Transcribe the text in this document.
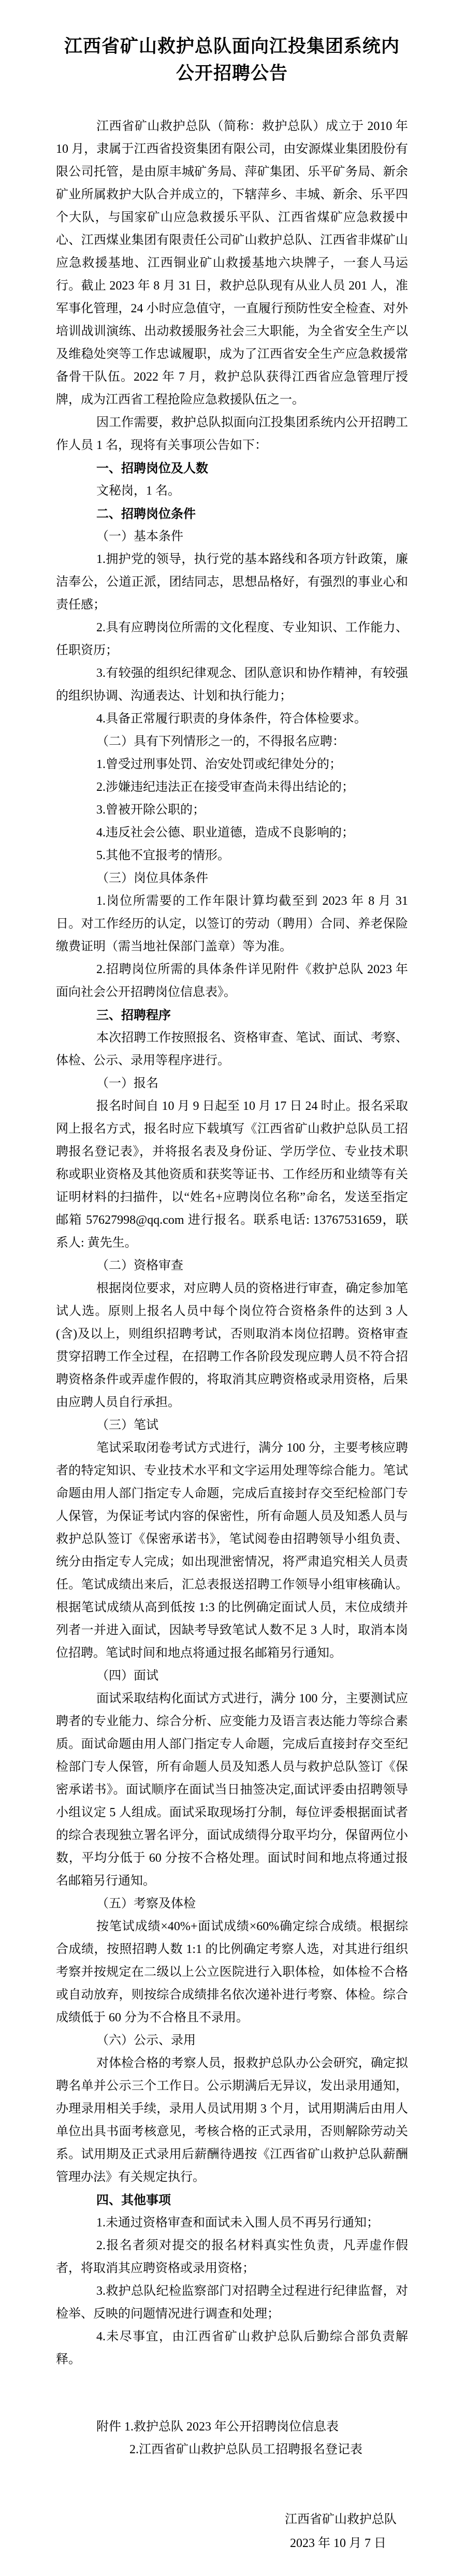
江西省矿山救护总队面向江投集团系统内
公开招聘公告

江西省矿山救护总队（简称：救护总队）成立于 2010 年 10 月，隶属于江西省投资集团有限公司，由安源煤业集团股份有限公司托管，是由原丰城矿务局、萍矿集团、乐平矿务局、新余矿业所属救护大队合并成立的，下辖萍乡、丰城、新余、乐平四个大队，与国家矿山应急救援乐平队、江西省煤矿应急救援中心、江西煤业集团有限责任公司矿山救护总队、江西省非煤矿山应急救援基地、江西铜业矿山救援基地六块牌子，一套人马运行。截止 2023 年 8 月 31 日，救护总队现有从业人员 201 人，准军事化管理，24 小时应急值守，一直履行预防性安全检查、对外培训战训演练、出动救援服务社会三大职能，为全省安全生产以及维稳处突等工作忠诚履职，成为了江西省安全生产应急救援常备骨干队伍。2022 年 7 月，救护总队获得江西省应急管理厅授牌，成为江西省工程抢险应急救援队伍之一。

因工作需要，救护总队拟面向江投集团系统内公开招聘工作人员 1 名，现将有关事项公告如下：

一、招聘岗位及人数

文秘岗，1 名。

二、招聘岗位条件

（一）基本条件

1.拥护党的领导，执行党的基本路线和各项方针政策，廉洁奉公，公道正派，团结同志，思想品格好，有强烈的事业心和责任感；

2.具有应聘岗位所需的文化程度、专业知识、工作能力、任职资历；

3.有较强的组织纪律观念、团队意识和协作精神，有较强的组织协调、沟通表达、计划和执行能力；

4.具备正常履行职责的身体条件，符合体检要求。

（二）具有下列情形之一的，不得报名应聘：

1.曾受过刑事处罚、治安处罚或纪律处分的；

2.涉嫌违纪违法正在接受审查尚未得出结论的；

3.曾被开除公职的；

4.违反社会公德、职业道德，造成不良影响的；

5.其他不宜报考的情形。

（三）岗位具体条件

1.岗位所需要的工作年限计算均截至到 2023 年 8 月 31 日。对工作经历的认定，以签订的劳动（聘用）合同、养老保险缴费证明（需当地社保部门盖章）等为准。

2.招聘岗位所需的具体条件详见附件《救护总队 2023 年面向社会公开招聘岗位信息表》。

三、招聘程序

本次招聘工作按照报名、资格审查、笔试、面试、考察、体检、公示、录用等程序进行。

（一）报名

报名时间自 10 月 9 日起至 10 月 17 日 24 时止。报名采取网上报名方式，报名时应下载填写《江西省矿山救护总队员工招聘报名登记表》，并将报名表及身份证、学历学位、专业技术职称或职业资格及其他资质和获奖等证书、工作经历和业绩等有关证明材料的扫描件，以“姓名+应聘岗位名称”命名，发送至指定邮箱 57627998@qq.com 进行报名。联系电话: 13767531659，联系人: 黄先生。

（二）资格审查

根据岗位要求，对应聘人员的资格进行审查，确定参加笔试人选。原则上报名人员中每个岗位符合资格条件的达到 3 人(含)及以上，则组织招聘考试，否则取消本岗位招聘。资格审查贯穿招聘工作全过程，在招聘工作各阶段发现应聘人员不符合招聘资格条件或弄虚作假的，将取消其应聘资格或录用资格，后果由应聘人员自行承担。

（三）笔试

笔试采取闭卷考试方式进行，满分 100 分，主要考核应聘者的特定知识、专业技术水平和文字运用处理等综合能力。笔试命题由用人部门指定专人命题，完成后直接封存交至纪检部门专人保管，为保证考试内容的保密性，所有命题人员及知悉人员与救护总队签订《保密承诺书》，笔试阅卷由招聘领导小组负责、统分由指定专人完成；如出现泄密情况，将严肃追究相关人员责任。笔试成绩出来后，汇总表报送招聘工作领导小组审核确认。根据笔试成绩从高到低按 1:3 的比例确定面试人员，末位成绩并列者一并进入面试，因缺考导致笔试人数不足 3 人时，取消本岗位招聘。笔试时间和地点将通过报名邮箱另行通知。

（四）面试

面试采取结构化面试方式进行，满分 100 分，主要测试应聘者的专业能力、综合分析、应变能力及语言表达能力等综合素质。面试命题由用人部门指定专人命题，完成后直接封存交至纪检部门专人保管，所有命题人员及知悉人员与救护总队签订《保密承诺书》。面试顺序在面试当日抽签决定,面试评委由招聘领导小组议定 5 人组成。面试采取现场打分制，每位评委根据面试者的综合表现独立署名评分，面试成绩得分取平均分，保留两位小数，平均分低于 60 分按不合格处理。面试时间和地点将通过报名邮箱另行通知。

（五）考察及体检

按笔试成绩×40%+面试成绩×60%确定综合成绩。根据综合成绩，按照招聘人数 1:1 的比例确定考察人选，对其进行组织考察并按规定在二级以上公立医院进行入职体检，如体检不合格或自动放弃，则按综合成绩排名依次递补进行考察、体检。综合成绩低于 60 分为不合格且不录用。

（六）公示、录用

对体检合格的考察人员，报救护总队办公会研究，确定拟聘名单并公示三个工作日。公示期满后无异议，发出录用通知，办理录用相关手续，录用人员试用期 3 个月，试用期满后由用人单位出具书面考核意见，考核合格的正式录用，否则解除劳动关系。试用期及正式录用后薪酬待遇按《江西省矿山救护总队薪酬管理办法》有关规定执行。

四、其他事项

1.未通过资格审查和面试未入围人员不再另行通知；

2.报名者须对提交的报名材料真实性负责，凡弄虚作假者，将取消其应聘资格或录用资格；

3.救护总队纪检监察部门对招聘全过程进行纪律监督，对检举、反映的问题情况进行调查和处理；

4.未尽事宜，由江西省矿山救护总队后勤综合部负责解释。

附件 1.救护总队 2023 年公开招聘岗位信息表

2.江西省矿山救护总队员工招聘报名登记表

江西省矿山救护总队

2023 年 10 月 7 日
